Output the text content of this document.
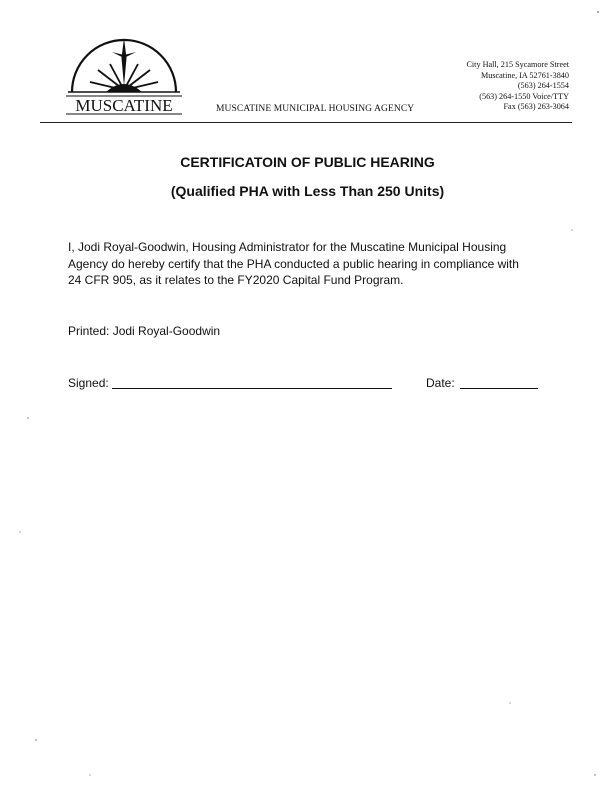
MUSCATINE	MUSCATINE MUNICIPAL HOUSING AGENCY
City Hall, 215 Sycamore Street
Muscatine, IA 52761-3840
(563) 264-1554
(563) 264-1550 Voice/TTY
Fax (563) 263-3064
CERTIFICATOIN OF PUBLIC HEARING
(Qualified PHA with Less Than 250 Units)
I, Jodi Royal-Goodwin, Housing Administrator for the Muscatine Municipal Housing
Agency do hereby certify that the PHA conducted a public hearing in compliance with
24 CFR 905, as it relates to the FY2020 Capital Fund Program.
Printed: Jodi Royal-Goodwin
Signed:	Date:
